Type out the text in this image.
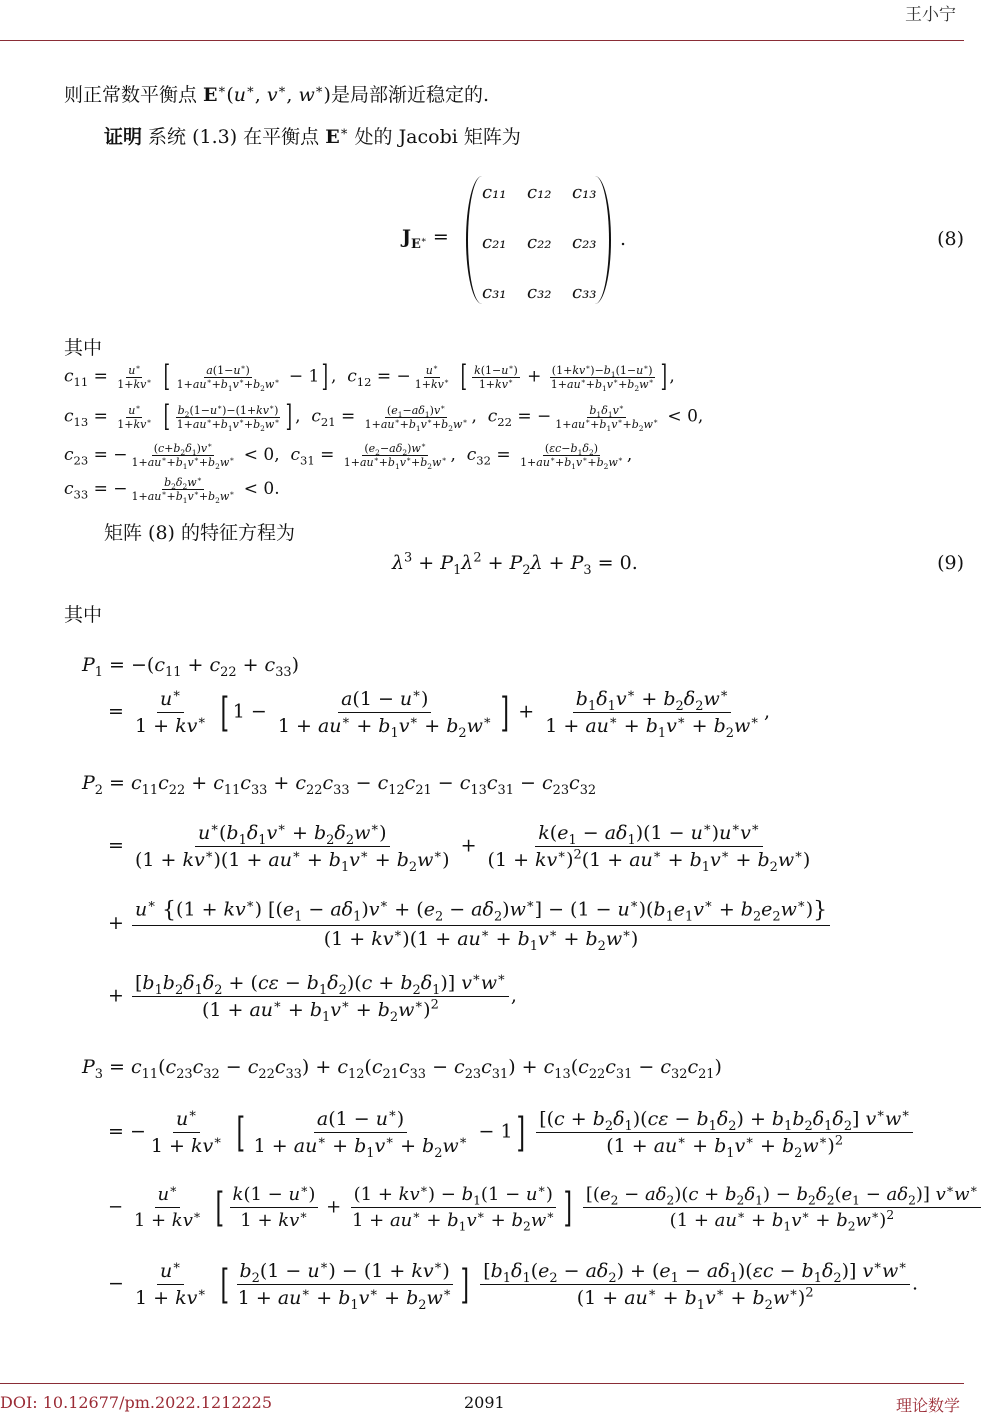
王小宁
则正常数平衡点 E∗(u∗, v∗, w∗)是局部渐近稳定的.
证明 系统 (1.3) 在平衡点 E∗ 处的 Jacobi 矩阵为
$J_{E^∗}$ =
c₁₁ c₁₂ c₁₃
c₂₁ c₂₂ c₂₃
c₃₁ c₃₂ c₃₃
.	(8)
其中
$c_{11} = \frac{u^∗}{1+kv^∗}$ [ $\frac{a(1-u^∗)}{1+au^∗+b_1v^∗+b_2w^∗} - 1$] ,  $c_{12}$ = − $\frac{u^∗}{1+kv^∗}$ [ $\frac{k(1-u^∗)}{1+kv^∗} + \frac{(1+kv^∗)-b_1(1-u^∗)}{1+au^∗+b_1v^∗+b_2w^∗}$ ] ,
$c_{13} = \frac{u^∗}{1+kv^∗}$ [ $\frac{b_2(1-u^∗)-(1+kv^∗)}{1+au^∗+b_1v^∗+b_2w^∗}$ ] ,  $c_{21} = \frac{(e_1-a\delta_1)v^∗}{1+au^∗+b_1v^∗+b_2w^∗}$ ,  $c_{22}$ = − $\frac{b_1\delta_1v^∗}{1+au^∗+b_1v^∗+b_2w^∗} < 0$,
$c_{23}$ = − $\frac{(c+b_2\delta_1)v^∗}{1+au^∗+b_1v^∗+b_2w^∗} < 0$,  $c_{31} = \frac{(e_2-a\delta_2)w^∗}{1+au^∗+b_1v^∗+b_2w^∗}$ ,  $c_{32} = \frac{(\varepsilon c-b_1\delta_2)}{1+au^∗+b_1v^∗+b_2w^∗}$ ,
$c_{33}$ = − $\frac{b_2\delta_2w^∗}{1+au^∗+b_1v^∗+b_2w^∗} < 0$.
矩阵 (8) 的特征方程为
$\lambda^3 + P_1\lambda^2 + P_2\lambda + P_3 = 0$.	(9)
其中
$P_1 = -(c_{11} + c_{22} + c_{33})$
= $\frac{u^∗}{1 + kv^∗}$ [ $1 - \frac{a(1 - u^∗)}{1 + au^∗ + b_1v^∗ + b_2w^∗}$ ] + $\frac{b_1\delta_1v^∗ + b_2\delta_2w^∗}{1 + au^∗ + b_1v^∗ + b_2w^∗}$ ,
$P_2 = c_{11}c_{22} + c_{11}c_{33} + c_{22}c_{33} - c_{12}c_{21} - c_{13}c_{31} - c_{23}c_{32}$
= $\frac{u^∗(b_1\delta_1v^∗ + b_2\delta_2w^∗)}{(1 + kv^∗)(1 + au^∗ + b_1v^∗ + b_2w^∗)} + \frac{k(e_1 - a\delta_1)(1 - u^∗)u^∗v^∗}{(1 + kv^∗)^2(1 + au^∗ + b_1v^∗ + b_2w^∗)}$
+
u∗ {(1 + kv∗) $[(e_1 - a\delta_1)v^∗ + (e_2 - a\delta_2)w^∗] - (1 - u^∗)(b_1e_1v^∗ + b_2e_2w^∗)$}
$(1 + kv^∗)(1 + au^∗ + b_1v^∗ + b_2w^∗)$
+ $\frac{[b_1b_2\delta_1\delta_2 + (c\varepsilon - b_1\delta_2)(c + b_2\delta_1)] v^∗w^∗}{(1 + au^∗ + b_1v^∗ + b_2w^∗)^2}$ ,
$P_3 = c_{11}(c_{23}c_{32} - c_{22}c_{33}) + c_{12}(c_{21}c_{33} - c_{23}c_{31}) + c_{13}(c_{22}c_{31} - c_{32}c_{21})$
= − $\frac{u^∗}{1 + kv^∗}$ [ $\frac{a(1 - u^∗)}{1 + au^∗ + b_1v^∗ + b_2w^∗} - 1] \frac{[(c + b_2\delta_1)(c\varepsilon - b_1\delta_2) + b_1b_2\delta_1\delta_2] v^∗w^∗}{(1 + au^∗ + b_1v^∗ + b_2w^∗)^2}$
− $\frac{u^∗}{1 + kv^∗}$ [ $\frac{k(1 - u^∗)}{1 + kv^∗} + \frac{(1 + kv^∗) - b_1(1 - u^∗)}{1 + au^∗ + b_1v^∗ + b_2w^∗}$ ] $\frac{[(e_2 - a\delta_2)(c + b_2\delta_1) - b_2\delta_2(e_1 - a\delta_2)] v^∗w^∗}{(1 + au^∗ + b_1v^∗ + b_2w^∗)^2}$
− $\frac{u^∗}{1 + kv^∗}$ [ $\frac{b_2(1 - u^∗) - (1 + kv^∗)}{1 + au^∗ + b_1v^∗ + b_2w^∗}$ ] $\frac{[b_1\delta_1(e_2 - a\delta_2) + (e_1 - a\delta_1)(\varepsilon c - b_1\delta_2)] v^∗w^∗}{(1 + au^∗ + b_1v^∗ + b_2w^∗)^2}$ .
DOI: 10.12677/pm.2022.1212225	2091	理论数学
